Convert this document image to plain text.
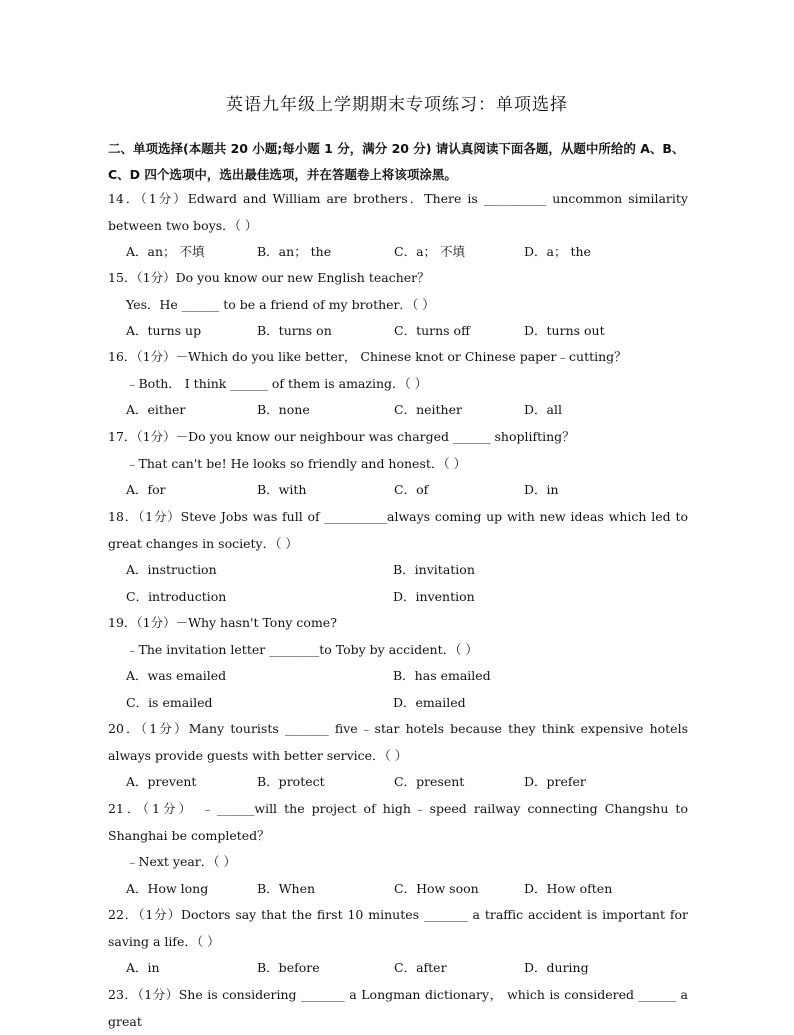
英语九年级上学期期末专项练习：单项选择
二、单项选择(本题共 20 小题;每小题 1 分，满分 20 分) 请认真阅读下面各题，从题中所给的 A、B、C、D 四个选项中，选出最佳选项，并在答题卷上将该项涂黑。
14．（1分）Edward and William are brothers．There is __________ uncommon similarity between two boys．（ ）
A．an； 不填	B．an； the	C．a； 不填	D．a； the
15．（1分）Do you know our new English teacher？
Yes．He ______ to be a friend of my brother．（ ）
A．turns up	B．turns on	C．turns off	D．turns out
16．（1分）－Which do you like better， Chinese knot or Chinese paper﹣cutting？
﹣Both． I think ______ of them is amazing．（ ）
A．either	B．none	C．neither	D．all
17．（1分）－Do you know our neighbour was charged ______ shoplifting？
﹣That can't be! He looks so friendly and honest．（ ）
A．for	B．with	C．of	D．in
18．（1分）Steve Jobs was full of __________always coming up with new ideas which led to great changes in society．（ ）
A．instruction	B．invitation
C．introduction	D．invention
19．（1分）－Why hasn't Tony come?
﹣The invitation letter ________to Toby by accident．（ ）
A．was emailed	B．has emailed
C．is emailed	D．emailed
20．（1分）Many tourists _______ five﹣star hotels because they think expensive hotels always provide guests with better service．（ ）
A．prevent	B．protect	C．present	D．prefer
21．（1分） ﹣______will the project of high﹣speed railway connecting Changshu to Shanghai be completed？
﹣Next year．（ ）
A．How long	B．When	C．How soon	D．How often
22．（1分）Doctors say that the first 10 minutes _______ a traffic accident is important for saving a life．（ ）
A．in	B．before	C．after	D．during
23．（1分）She is considering _______ a Longman dictionary， which is considered ______ a great
